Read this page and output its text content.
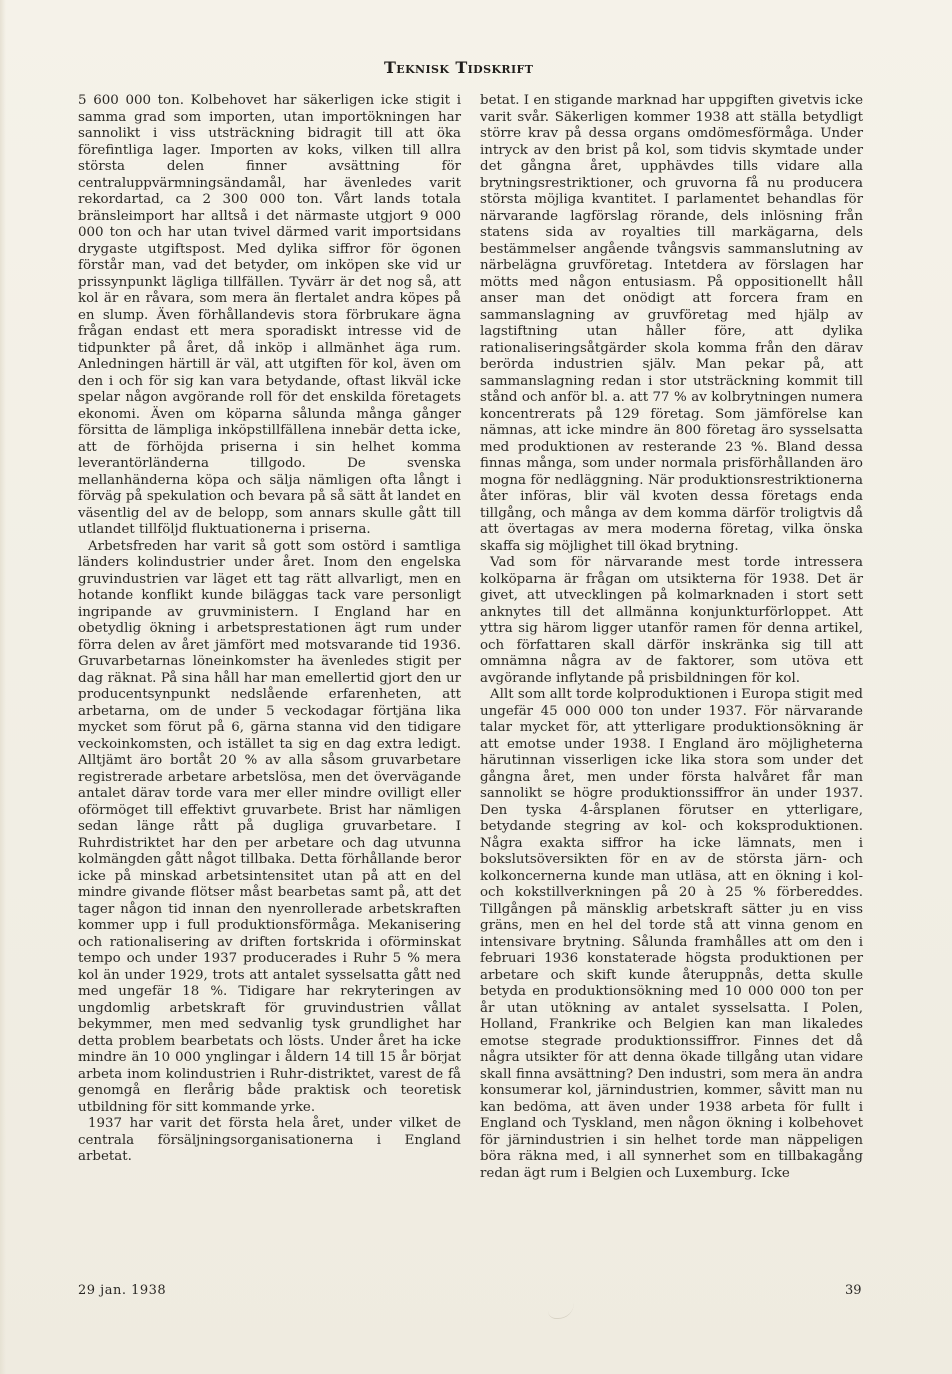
Teknisk Tidskrift

5 600 000 ton. Kolbehovet har säkerligen icke stigit i samma grad som importen, utan importökningen har sannolikt i viss utsträckning bidragit till att öka förefintliga lager. Importen av koks, vilken till allra största delen finner avsättning för centraluppvärmningsändamål, har ävenledes varit rekordartad, ca 2 300 000 ton. Vårt lands totala bränsleimport har alltså i det närmaste utgjort 9 000 000 ton och har utan tvivel därmed varit importsidans drygaste utgiftspost. Med dylika siffror för ögonen förstår man, vad det betyder, om inköpen ske vid ur prissynpunkt lägliga tillfällen. Tyvärr är det nog så, att kol är en råvara, som mera än flertalet andra köpes på en slump. Även förhållandevis stora förbrukare ägna frågan endast ett mera sporadiskt intresse vid de tidpunkter på året, då inköp i allmänhet äga rum. Anledningen härtill är väl, att utgiften för kol, även om den i och för sig kan vara betydande, oftast likväl icke spelar någon avgörande roll för det enskilda företagets ekonomi. Även om köparna sålunda många gånger försitta de lämpliga inköpstillfällena innebär detta icke, att de förhöjda priserna i sin helhet komma leverantörländerna tillgodo. De svenska mellanhänderna köpa och sälja nämligen ofta långt i förväg på spekulation och bevara på så sätt åt landet en väsentlig del av de belopp, som annars skulle gått till utlandet tillföljd fluktuationerna i priserna.

Arbetsfreden har varit så gott som ostörd i samtliga länders kolindustrier under året. Inom den engelska gruvindustrien var läget ett tag rätt allvarligt, men en hotande konflikt kunde biläggas tack vare personligt ingripande av gruvministern. I England har en obetydlig ökning i arbetsprestationen ägt rum under förra delen av året jämfört med motsvarande tid 1936. Gruvarbetarnas löneinkomster ha ävenledes stigit per dag räknat. På sina håll har man emellertid gjort den ur producentsynpunkt nedslående erfarenheten, att arbetarna, om de under 5 veckodagar förtjäna lika mycket som förut på 6, gärna stanna vid den tidigare veckoinkomsten, och istället ta sig en dag extra ledigt. Alltjämt äro bortåt 20 % av alla såsom gruvarbetare registrerade arbetare arbetslösa, men det övervägande antalet därav torde vara mer eller mindre ovilligt eller oförmöget till effektivt gruvarbete. Brist har nämligen sedan länge rått på dugliga gruvarbetare. I Ruhrdistriktet har den per arbetare och dag utvunna kolmängden gått något tillbaka. Detta förhållande beror icke på minskad arbetsintensitet utan på att en del mindre givande flötser måst bearbetas samt på, att det tager någon tid innan den nyenrollerade arbetskraften kommer upp i full produktionsförmåga. Mekanisering och rationalisering av driften fortskrida i oförminskat tempo och under 1937 producerades i Ruhr 5 % mera kol än under 1929, trots att antalet sysselsatta gått ned med ungefär 18 %. Tidigare har rekryteringen av ungdomlig arbetskraft för gruvindustrien vållat bekymmer, men med sedvanlig tysk grundlighet har detta problem bearbetats och lösts. Under året ha icke mindre än 10 000 ynglingar i åldern 14 till 15 år börjat arbeta inom kolindustrien i Ruhr-distriktet, varest de få genomgå en flerårig både praktisk och teoretisk utbildning för sitt kommande yrke.

1937 har varit det första hela året, under vilket de centrala försäljningsorganisationerna i England arbetat.

betat. I en stigande marknad har uppgiften givetvis icke varit svår. Säkerligen kommer 1938 att ställa betydligt större krav på dessa organs omdömesförmåga. Under intryck av den brist på kol, som tidvis skymtade under det gångna året, upphävdes tills vidare alla brytningsrestriktioner, och gruvorna få nu producera största möjliga kvantitet. I parlamentet behandlas för närvarande lagförslag rörande, dels inlösning från statens sida av royalties till markägarna, dels bestämmelser angående tvångsvis sammanslutning av närbelägna gruvföretag. Intetdera av förslagen har mötts med någon entusiasm. På oppositionellt håll anser man det onödigt att forcera fram en sammanslagning av gruvföretag med hjälp av lagstiftning utan håller före, att dylika rationaliseringsåtgärder skola komma från den därav berörda industrien själv. Man pekar på, att sammanslagning redan i stor utsträckning kommit till stånd och anför bl. a. att 77 % av kolbrytningen numera koncentrerats på 129 företag. Som jämförelse kan nämnas, att icke mindre än 800 företag äro sysselsatta med produktionen av resterande 23 %. Bland dessa finnas många, som under normala prisförhållanden äro mogna för nedläggning. När produktionsrestriktionerna åter införas, blir väl kvoten dessa företags enda tillgång, och många av dem komma därför troligtvis då att övertagas av mera moderna företag, vilka önska skaffa sig möjlighet till ökad brytning.

Vad som för närvarande mest torde intressera kolköparna är frågan om utsikterna för 1938. Det är givet, att utvecklingen på kolmarknaden i stort sett anknytes till det allmänna konjunkturförloppet. Att yttra sig härom ligger utanför ramen för denna artikel, och författaren skall därför inskränka sig till att omnämna några av de faktorer, som utöva ett avgörande inflytande på prisbildningen för kol.

Allt som allt torde kolproduktionen i Europa stigit med ungefär 45 000 000 ton under 1937. För närvarande talar mycket för, att ytterligare produktionsökning är att emotse under 1938. I England äro möjligheterna härutinnan visserligen icke lika stora som under det gångna året, men under första halvåret får man sannolikt se högre produktionssiffror än under 1937. Den tyska 4-årsplanen förutser en ytterligare, betydande stegring av kol- och koksproduktionen. Några exakta siffror ha icke lämnats, men i bokslutsöversikten för en av de största järn- och kolkoncernerna kunde man utläsa, att en ökning i kol- och kokstillverkningen på 20 à 25 % förbereddes. Tillgången på mänsklig arbetskraft sätter ju en viss gräns, men en hel del torde stå att vinna genom en intensivare brytning. Sålunda framhålles att om den i februari 1936 konstaterade högsta produktionen per arbetare och skift kunde återuppnås, detta skulle betyda en produktionsökning med 10 000 000 ton per år utan utökning av antalet sysselsatta. I Polen, Holland, Frankrike och Belgien kan man likaledes emotse stegrade produktionssiffror. Finnes det då några utsikter för att denna ökade tillgång utan vidare skall finna avsättning? Den industri, som mera än andra konsumerar kol, järnindustrien, kommer, såvitt man nu kan bedöma, att även under 1938 arbeta för fullt i England och Tyskland, men någon ökning i kolbehovet för järnindustrien i sin helhet torde man näppeligen böra räkna med, i all synnerhet som en tillbakagång redan ägt rum i Belgien och Luxemburg. Icke

29 jan. 1938	39
